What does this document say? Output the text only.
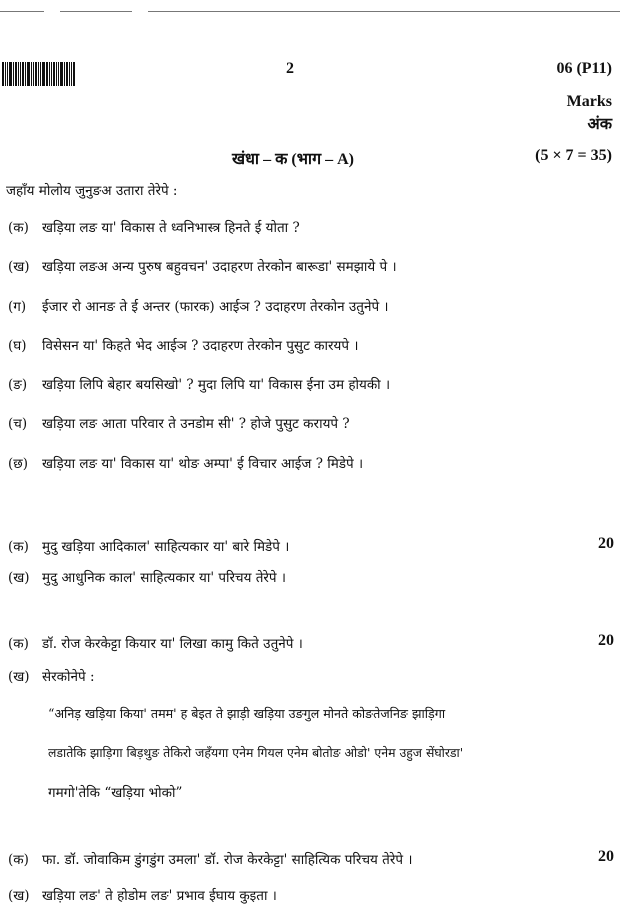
2	06 (P11)
Marks
अंक
खंधा – क (भाग – A)	(5 × 7 = 35)
जहाँय मोलोय जुनुङअ उतारा तेरेपे :
(क) खड़िया लङ या' विकास ते ध्वनिभास्त्र हिनते ई योता ?
(ख) खड़िया लङअ अन्य पुरुष बहुवचन' उदाहरण तेरकोन बारूडा' समझाये पे ।
(ग) ईजार रो आनङ ते ई अन्तर (फारक) आईञ ? उदाहरण तेरकोन उतुनेपे ।
(घ) विसेसन या' किहते भेद आईञ ? उदाहरण तेरकोन पुसुट कारयपे ।
(ङ) खड़िया लिपि बेहार बयसिखो' ? मुदा लिपि या' विकास ईना उम होयकी ।
(च) खड़िया लङ आता परिवार ते उनडोम सी' ? होजे पुसुट करायपे ?
(छ) खड़िया लङ या' विकास या' थोङ अम्पा' ई विचार आईज ? मिडेपे ।
(क) मुदु खड़िया आदिकाल' साहित्यकार या' बारे मिडेपे ।	20
(ख) मुदु आधुनिक काल' साहित्यकार या' परिचय तेरेपे ।
(क) डॉ. रोज केरकेट्टा कियार या' लिखा कामु किते उतुनेपे ।	20
(ख) सेरकोनेपे :
“अनिड़ खड़िया किया' तमम' ह बेइत ते झाड़ी खड़िया उङगुल मोनते कोङतेजनिङ झाड़िगा
लडातेकि झाड़िगा बिड़थुङ तेकिरो जहँयगा एनेम गियल एनेम बोतोङ ओडो' एनेम उहुज सेंघोरडा'
गमगो'तेकि “खड़िया भोको”
(क) फा. डॉ. जोवाकिम डुंगडुंग उमला' डॉ. रोज केरकेट्टा' साहित्यिक परिचय तेरेपे ।	20
(ख) खड़िया लङ' ते होडोम लङ' प्रभाव ईघाय कुइता ।
